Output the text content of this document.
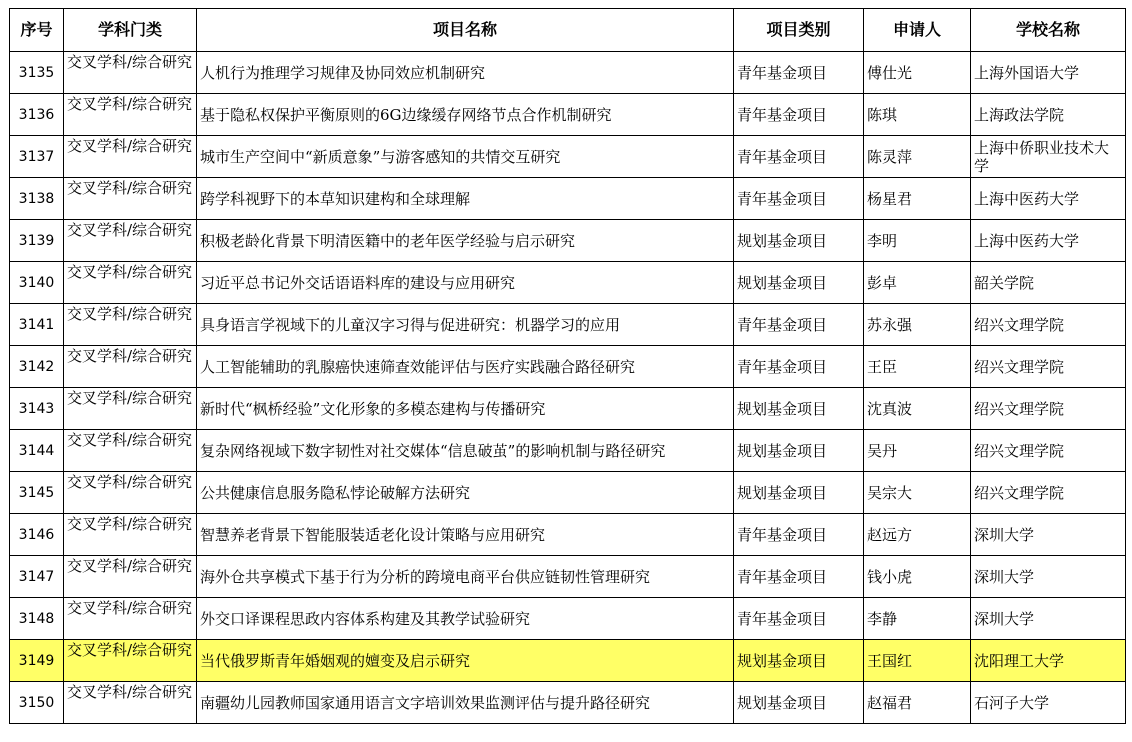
序号	学科门类	项目名称	项目类别	申请人	学校名称
3135	交叉学科/综合研究	人机行为推理学习规律及协同效应机制研究	青年基金项目	傅仕光	上海外国语大学
3136	交叉学科/综合研究	基于隐私权保护平衡原则的6G边缘缓存网络节点合作机制研究	青年基金项目	陈琪	上海政法学院
3137	交叉学科/综合研究	城市生产空间中“新质意象”与游客感知的共情交互研究	青年基金项目	陈灵萍	上海中侨职业技术大学
3138	交叉学科/综合研究	跨学科视野下的本草知识建构和全球理解	青年基金项目	杨星君	上海中医药大学
3139	交叉学科/综合研究	积极老龄化背景下明清医籍中的老年医学经验与启示研究	规划基金项目	李明	上海中医药大学
3140	交叉学科/综合研究	习近平总书记外交话语语料库的建设与应用研究	规划基金项目	彭卓	韶关学院
3141	交叉学科/综合研究	具身语言学视域下的儿童汉字习得与促进研究：机器学习的应用	青年基金项目	苏永强	绍兴文理学院
3142	交叉学科/综合研究	人工智能辅助的乳腺癌快速筛查效能评估与医疗实践融合路径研究	青年基金项目	王臣	绍兴文理学院
3143	交叉学科/综合研究	新时代“枫桥经验”文化形象的多模态建构与传播研究	规划基金项目	沈真波	绍兴文理学院
3144	交叉学科/综合研究	复杂网络视域下数字韧性对社交媒体“信息破茧”的影响机制与路径研究	规划基金项目	吴丹	绍兴文理学院
3145	交叉学科/综合研究	公共健康信息服务隐私悖论破解方法研究	规划基金项目	吴宗大	绍兴文理学院
3146	交叉学科/综合研究	智慧养老背景下智能服装适老化设计策略与应用研究	青年基金项目	赵远方	深圳大学
3147	交叉学科/综合研究	海外仓共享模式下基于行为分析的跨境电商平台供应链韧性管理研究	青年基金项目	钱小虎	深圳大学
3148	交叉学科/综合研究	外交口译课程思政内容体系构建及其教学试验研究	青年基金项目	李静	深圳大学
3149	交叉学科/综合研究	当代俄罗斯青年婚姻观的嬗变及启示研究	规划基金项目	王国红	沈阳理工大学
3150	交叉学科/综合研究	南疆幼儿园教师国家通用语言文字培训效果监测评估与提升路径研究	规划基金项目	赵福君	石河子大学
